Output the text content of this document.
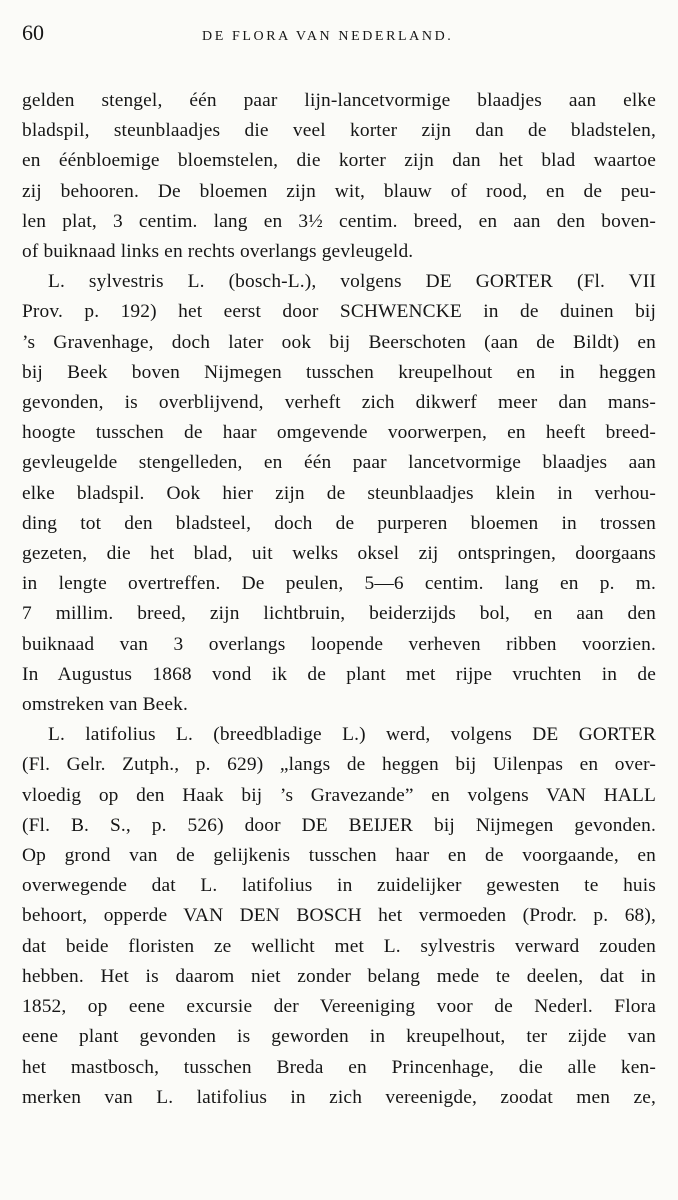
60	DE FLORA VAN NEDERLAND.

gelden stengel, één paar lijn-lancetvormige blaadjes aan elke
bladspil, steunblaadjes die veel korter zijn dan de bladstelen,
en éénbloemige bloemstelen, die korter zijn dan het blad waartoe
zij behooren. De bloemen zijn wit, blauw of rood, en de peu-
len plat, 3 centim. lang en 3½ centim. breed, en aan den boven-
of buiknaad links en rechts overlangs gevleugeld.

L. sylvestris L. (bosch-L.), volgens DE GORTER (Fl. VII
Prov. p. 192) het eerst door SCHWENCKE in de duinen bij
’s Gravenhage, doch later ook bij Beerschoten (aan de Bildt) en
bij Beek boven Nijmegen tusschen kreupelhout en in heggen
gevonden, is overblijvend, verheft zich dikwerf meer dan mans-
hoogte tusschen de haar omgevende voorwerpen, en heeft breed-
gevleugelde stengelleden, en één paar lancetvormige blaadjes aan
elke bladspil. Ook hier zijn de steunblaadjes klein in verhou-
ding tot den bladsteel, doch de purperen bloemen in trossen
gezeten, die het blad, uit welks oksel zij ontspringen, doorgaans
in lengte overtreffen. De peulen, 5—6 centim. lang en p. m.
7 millim. breed, zijn lichtbruin, beiderzijds bol, en aan den
buiknaad van 3 overlangs loopende verheven ribben voorzien.
In Augustus 1868 vond ik de plant met rijpe vruchten in de
omstreken van Beek.

L. latifolius L. (breedbladige L.) werd, volgens DE GORTER
(Fl. Gelr. Zutph., p. 629) „langs de heggen bij Uilenpas en over-
vloedig op den Haak bij ’s Gravezande” en volgens VAN HALL
(Fl. B. S., p. 526) door DE BEIJER bij Nijmegen gevonden.
Op grond van de gelijkenis tusschen haar en de voorgaande, en
overwegende dat L. latifolius in zuidelijker gewesten te huis
behoort, opperde VAN DEN BOSCH het vermoeden (Prodr. p. 68),
dat beide floristen ze wellicht met L. sylvestris verward zouden
hebben. Het is daarom niet zonder belang mede te deelen, dat in
1852, op eene excursie der Vereeniging voor de Nederl. Flora
eene plant gevonden is geworden in kreupelhout, ter zijde van
het mastbosch, tusschen Breda en Princenhage, die alle ken-
merken van L. latifolius in zich vereenigde, zoodat men ze,
